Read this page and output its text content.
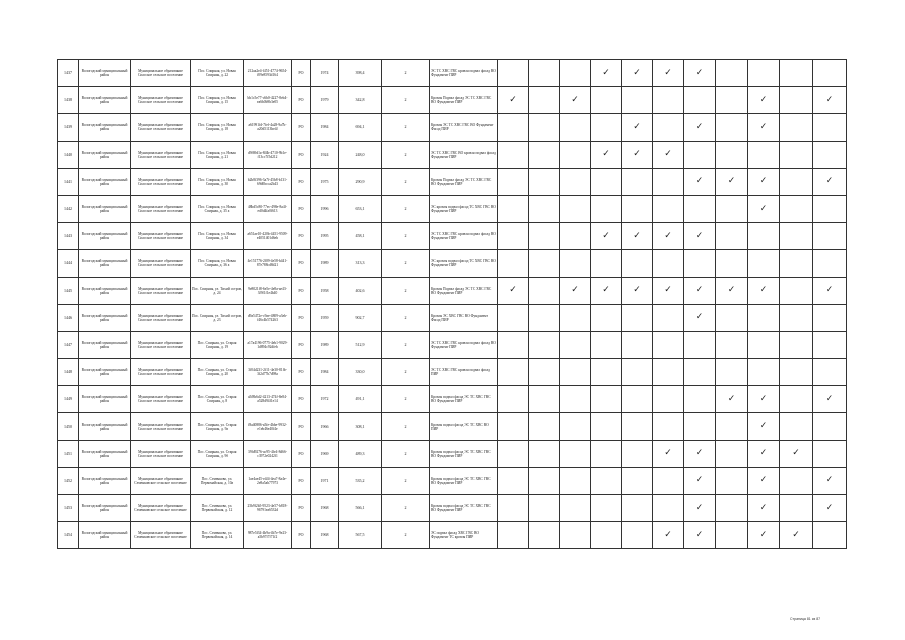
1437	Вологодский муниципальный район	Муниципальное образование Спасское сельское поселение	Пос. Спирная, ул. Новая Спирная, д. 22	212aa2e4-f451-4774-9654-f09e8593d164	РО	1974	398,4	2	ЭС ТС ХВС ГВС кровля подвал фасад ВО Фундамент ПИР				✓	✓	✓	✓				
1438	Вологодский муниципальный район	Муниципальное образование Спасское сельское поселение	Пос. Спирная, ул. Новая Спирная, д. 15	bb1c5e77-c6b0-4227-8eb4-ea6b0b9b3e05	РО	1979	342,8	2	Кровля Подвал фасад ЭС ТС ХВС ГВС ВО Фундамент ПИР	✓		✓						✓		✓
1439	Вологодский муниципальный район	Муниципальное образование Спасское сельское поселение	Пос. Спирная, ул. Новая Спирная, д. 18	a61991fd-7fef-4a28-9a7b-a20d5113be4f	РО	1984	694,1	2	Кровля ЭС ТС ХВС ГВС ВО Фундамент Фасад ПИР					✓		✓		✓		
1440	Вологодский муниципальный район	Муниципальное образование Спасское сельское поселение	Пос. Спирная, ул. Новая Спирная, д. 21	d9f69d1a-8f4b-4710-9b1e-f13cc7f5d212	РО	1924	248,0	2	ЭС ТС ХВС ГВС ВО кровля подвал фасад Фундамент ПИР				✓	✓	✓					
1441	Вологодский муниципальный район	Муниципальное образование Спасское сельское поселение	Пос. Спирная, ул. Новая Спирная, д. 30	b2b8f396-3a7f-45b8-b131-69d0bcca2b43	РО	1975	290,9	2	Кровля Подвал фасад ЭС ТС ХВС ГВС ВО Фундамент ПИР							✓	✓	✓		✓
1442	Вологодский муниципальный район	Муниципальное образование Спасское сельское поселение	Пос. Спирная, ул. Новая Спирная, д. 35 а	48bd5c80-77ec-498e-8a4f-ed0d4fa0f613	РО	1996	653,1	2	ЭС кровля подвал фасад ТС ХВС ГВС ВО Фундамент ПИР									✓		
1443	Вологодский муниципальный район	Муниципальное образование Спасское сельское поселение	Пос. Спирная, ул. Новая Спирная, д. 34	a651ae10-420b-4451-9509-e4051401d6eb	РО	1995	458,1	2	ЭС ТС ХВС ГВС кровля подвал фасад ВО Фундамент ПИР				✓	✓	✓	✓				
1444	Вологодский муниципальный район	Муниципальное образование Спасское сельское поселение	Пос. Спирная, ул. Новая Спирная, д. 36 а	4e151776-2f09-4e58-b441-87e788cd8d21	РО	1989	313,3	2	ЭС кровля подвал фасад ТС ХВС ГВС ВО Фундамент ПИР											
1445	Вологодский муниципальный район	Муниципальное образование Спасское сельское поселение	Пос. Спирная, ул. Тихий остров, д. 24	9e8021f8-6e5e-4e8a-ae43-3f9f1f1e4b40	РО	1958	402,6	2	Кровля Подвал фасад ЭС ТС ХВС ГВС ВО Фундамент ПИР	✓		✓	✓	✓	✓	✓	✓	✓		✓
1446	Вологодский муниципальный район	Муниципальное образование Спасское сельское поселение	Пос. Спирная, ул. Тихий остров, д. 23	d9a5472e-c9ae-4809-a3eb-f46c4b574263	РО	1959	902,7	2	Кровля ЭС ХВС ГВС ВО Фундамент Фасад ПИР							✓				
1447	Вологодский муниципальный район	Муниципальное образование Спасское сельское поселение	Пос. Спирная, ул. Старая Спирная, д. 19	a17a4196-0775-4eb1-9029-1d894c92dfeb	РО	1989	512,9	2	ЭС ТС ХВС ГВС кровля подвал фасад ВО Фундамент ПИР											
1448	Вологодский муниципальный район	Муниципальное образование Спасское сельское поселение	Пос. Спирная, ул. Старая Спирная, д. 20	3f04d231-2f11-4e30-81fb-3f2d77b7d98a	РО	1984	330,0	2	ЭС ТС ХВС ГВС кровля подвал фасад ПИР											
1449	Вологодский муниципальный район	Муниципальное образование Спасское сельское поселение	Пос. Спирная, ул. Старая Спирная, д. 8	a5f8b6d2-4213-474f-8e84-a528d94f1e14	РО	1972	491,1	2	Кровля подвал фасад ЭС ТС ХВС ГВС ВО Фундамент ПИР								✓	✓		✓
1450	Вологодский муниципальный район	Муниципальное образование Спасское сельское поселение	Пос. Спирная, ул. Старая Спирная, д. 9а	f8a40886-a5fe-4bbe-9932-e1eb46e40f4e	РО	1966	308,1	2	Кровля подвал фасад ЭС ТС ХВС ВО ПИР									✓		
1451	Вологодский муниципальный район	Муниципальное образование Спасское сельское поселение	Пос. Спирная, ул. Старая Спирная, д. 9б	39fd9276-ac95-4fe4-8d66-c3972e0242f1	РО	1969	489,3	2	Кровля подвал фасад ЭС ТС ХВС ГВС ВО Фундамент ПИР						✓	✓		✓	✓	
1452	Вологодский муниципальный район	Муниципальное образование Семенковское сельское поселение	Пос. Семенково, ул. Первомайская, д. 10а	1ae4ae45-e4f4-4ea7-8a4e-2e8a5ab77973	РО	1971	535,2	2	Кровля подвал фасад ЭС ТС ХВС ГВС ВО Фундамент ПИР							✓		✓		✓
1453	Вологодский муниципальный район	Муниципальное образование Семенковское сельское поселение	Пос. Семенково, ул. Первомайская, д. 12	25b9f2b5-9523-4e57-b818-96791ea6532d	РО	1968	566,1	2	Кровля подвал фасад ЭС ТС ХВС ГВС ВО Фундамент ПИР							✓		✓		✓
1454	Вологодский муниципальный район	Муниципальное образование Семенковское сельское поселение	Пос. Семенково, ул. Первомайская, д. 14	987e5f34-4b9a-4b7e-9e23-a5b97f7f71f2	РО	1968	567,5	2	ЭС подвал фасад ХВС ГВС ВО Фундамент ТС кровля ПИР						✓	✓		✓	✓	
Страница 81 из 87
